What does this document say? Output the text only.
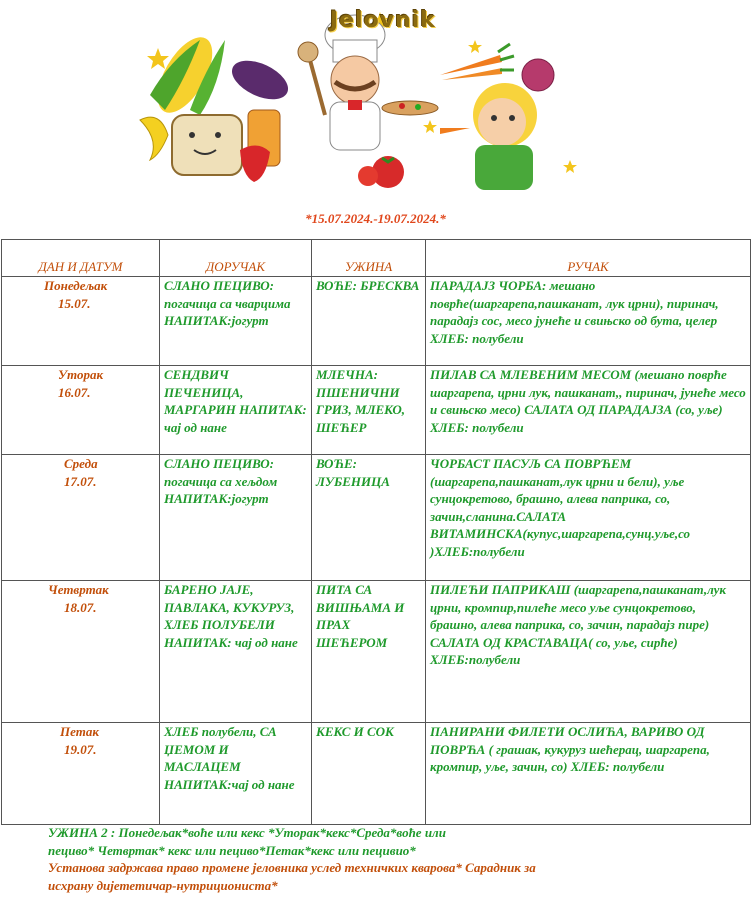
Jelovnik
*15.07.2024.-19.07.2024.*
ДАН И ДАТУМ	ДОРУЧАК	УЖИНА	РУЧАК

Понедељак
15.07.	СЛАНО ПЕЦИВО: погачица са чварцима НАПИТАК:јогурт	ВОЋЕ: БРЕСКВА	ПАРАДАЈЗ ЧОРБА: мешано поврће(шаргарепа,пашканат, лук црни), пиринач, парадајз сос, месо јунеће и свињско од бута, целер ХЛЕБ: полубели

Уторак
16.07.	СЕНДВИЧ ПЕЧЕНИЦА, МАРГАРИН НАПИТАК: чај од нане	МЛЕЧНА: ПШЕНИЧНИ ГРИЗ, МЛЕКО, ШЕЋЕР	ПИЛАВ СА МЛЕВЕНИМ МЕСОМ (мешано поврће шаргарепа, црни лук, пашканат,, пиринач, јунеће месо и свињско месо) САЛАТА ОД ПАРАДАЈЗА (со, уље) ХЛЕБ: полубели

Среда
17.07.	СЛАНО ПЕЦИВО: погачица са хељдом НАПИТАК:јогурт	ВОЋЕ: ЛУБЕНИЦА	ЧОРБАСТ ПАСУЉ СА ПОВРЋЕМ (шаргарепа,пашканат,лук црни и бели), уље сунцокретово, брашно, алева паприка, со, зачин,сланина.САЛАТА ВИТАМИНСКА(купус,шаргарепа,сунц.уље,со )ХЛЕБ:полубели

Четвртак
18.07.	БАРЕНО ЈАЈЕ, ПАВЛАКА, КУКУРУЗ, ХЛЕБ ПОЛУБЕЛИ НАПИТАК: чај од нане	ПИТА СА ВИШЊАМА И ПРАХ ШЕЋЕРОМ	ПИЛЕЋИ ПАПРИКАШ (шаргарепа,пашканат,лук црни, кромпир,пилеће месо уље сунцокретово, брашно, алева паприка, со, зачин, парадајз пире) САЛАТА ОД КРАСТАВАЦА( со, уље, сирће) ХЛЕБ:полубели

Петак
19.07.	ХЛЕБ полубели, СА ЏЕМОМ И МАСЛАЦЕМ НАПИТАК:чај од нане	КЕКС И СОК	ПАНИРАНИ ФИЛЕТИ ОСЛИЋА, ВАРИВО ОД ПОВРЋА ( грашак, кукуруз шећерац, шаргарепа, кромпир, уље, зачин, со) ХЛЕБ: полубели
УЖИНА 2 : Понедељак*воће или кекс *Уторак*кекс*Среда*воће или
пециво* Четвртак* кекс или пециво*Петак*кекс или пецивио*
Установа задржава право промене јеловника услед техничких кварова* Сарадник за
исхрану дијететичар-нутриционистa*
